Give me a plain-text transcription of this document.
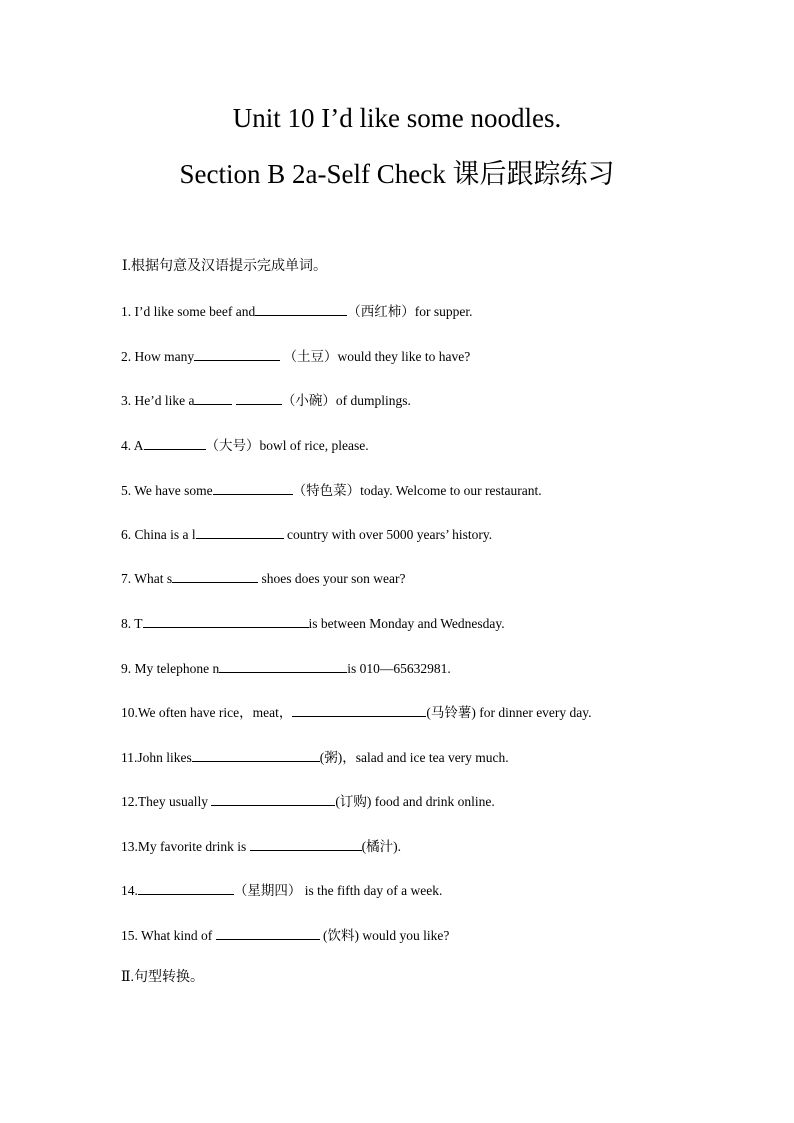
Unit 10 I’d like some noodles.
Section B 2a-Self Check 课后跟踪练习
Ⅰ.根据句意及汉语提示完成单词。
1. I’d like some beef and	（西红柿）for supper.
2. How many	（土豆）would they like to have?
3. He’d like a	（小碗）of dumplings.
4. A	（大号）bowl of rice, please.
5. We have some	（特色菜）today. Welcome to our restaurant.
6. China is a l	country with over 5000 years’ history.
7. What s	shoes does your son wear?
8. T	is between Monday and Wednesday.
9. My telephone n	is 010—65632981.
10.We often have rice，meat，	(马铃薯) for dinner every day.
11.John likes	(粥)，salad and ice tea very much.
12.They usually	(订购) food and drink online.
13.My favorite drink is	(橘汁).
14.	（星期四） is the fifth day of a week.
15. What kind of	(饮料) would you like?
Ⅱ.句型转换。
